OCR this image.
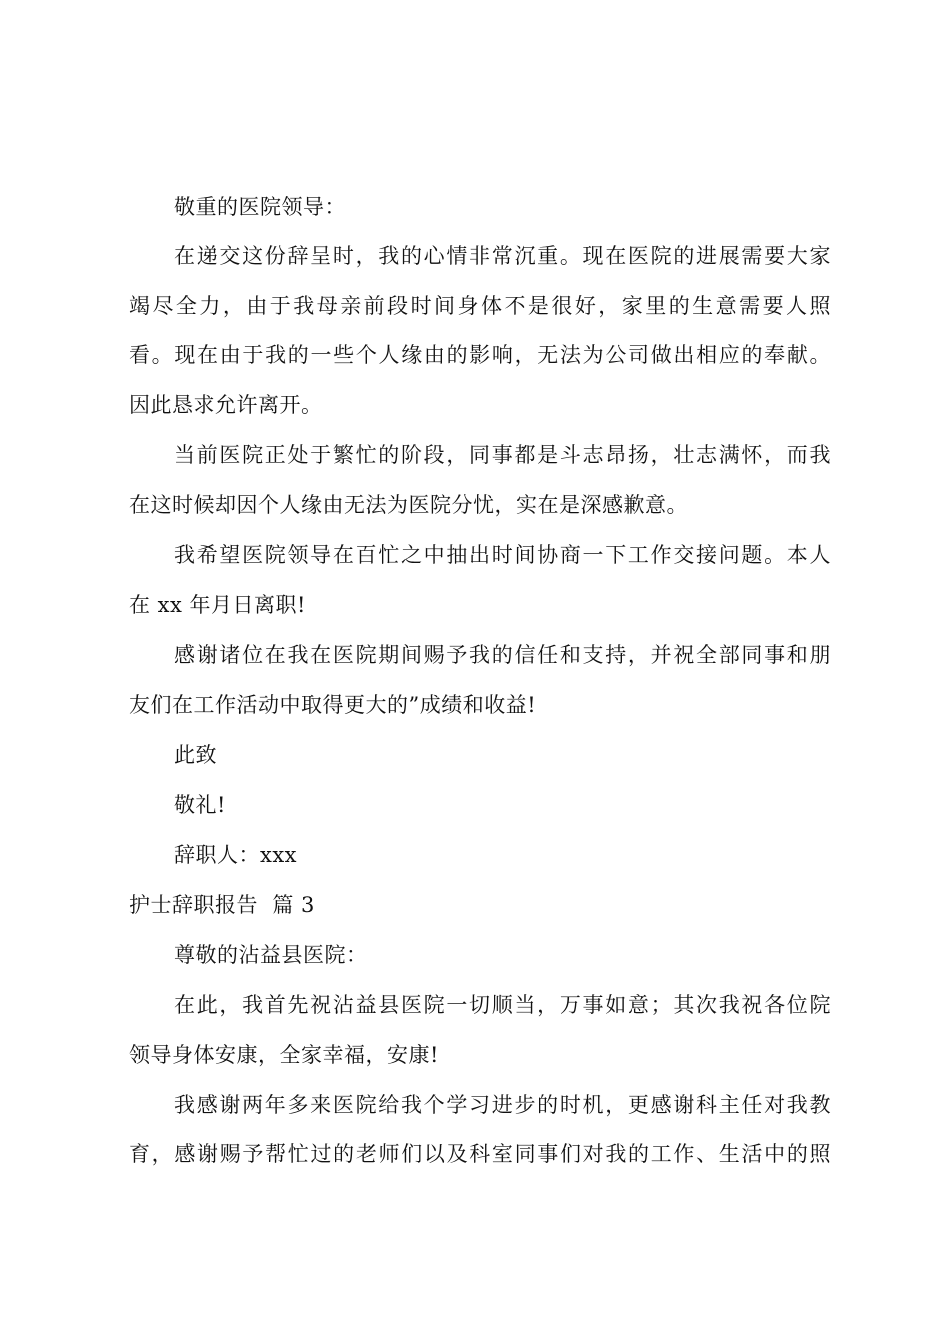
敬重的医院领导：
在递交这份辞呈时，我的心情非常沉重。现在医院的进展需要大家
竭尽全力，由于我母亲前段时间身体不是很好，家里的生意需要人照
看。现在由于我的一些个人缘由的影响，无法为公司做出相应的奉献。
因此恳求允许离开。
当前医院正处于繁忙的阶段，同事都是斗志昂扬，壮志满怀，而我
在这时候却因个人缘由无法为医院分忧，实在是深感歉意。
我希望医院领导在百忙之中抽出时间协商一下工作交接问题。本人
在 xx 年月日离职!
感谢诸位在我在医院期间赐予我的信任和支持，并祝全部同事和朋
友们在工作活动中取得更大的”成绩和收益!
此致
敬礼!
辞职人：xxx
护士辞职报告  篇 3
尊敬的沾益县医院：
在此，我首先祝沾益县医院一切顺当，万事如意；其次我祝各位院
领导身体安康，全家幸福，安康!
我感谢两年多来医院给我个学习进步的时机，更感谢科主任对我教
育，感谢赐予帮忙过的老师们以及科室同事们对我的工作、生活中的照
